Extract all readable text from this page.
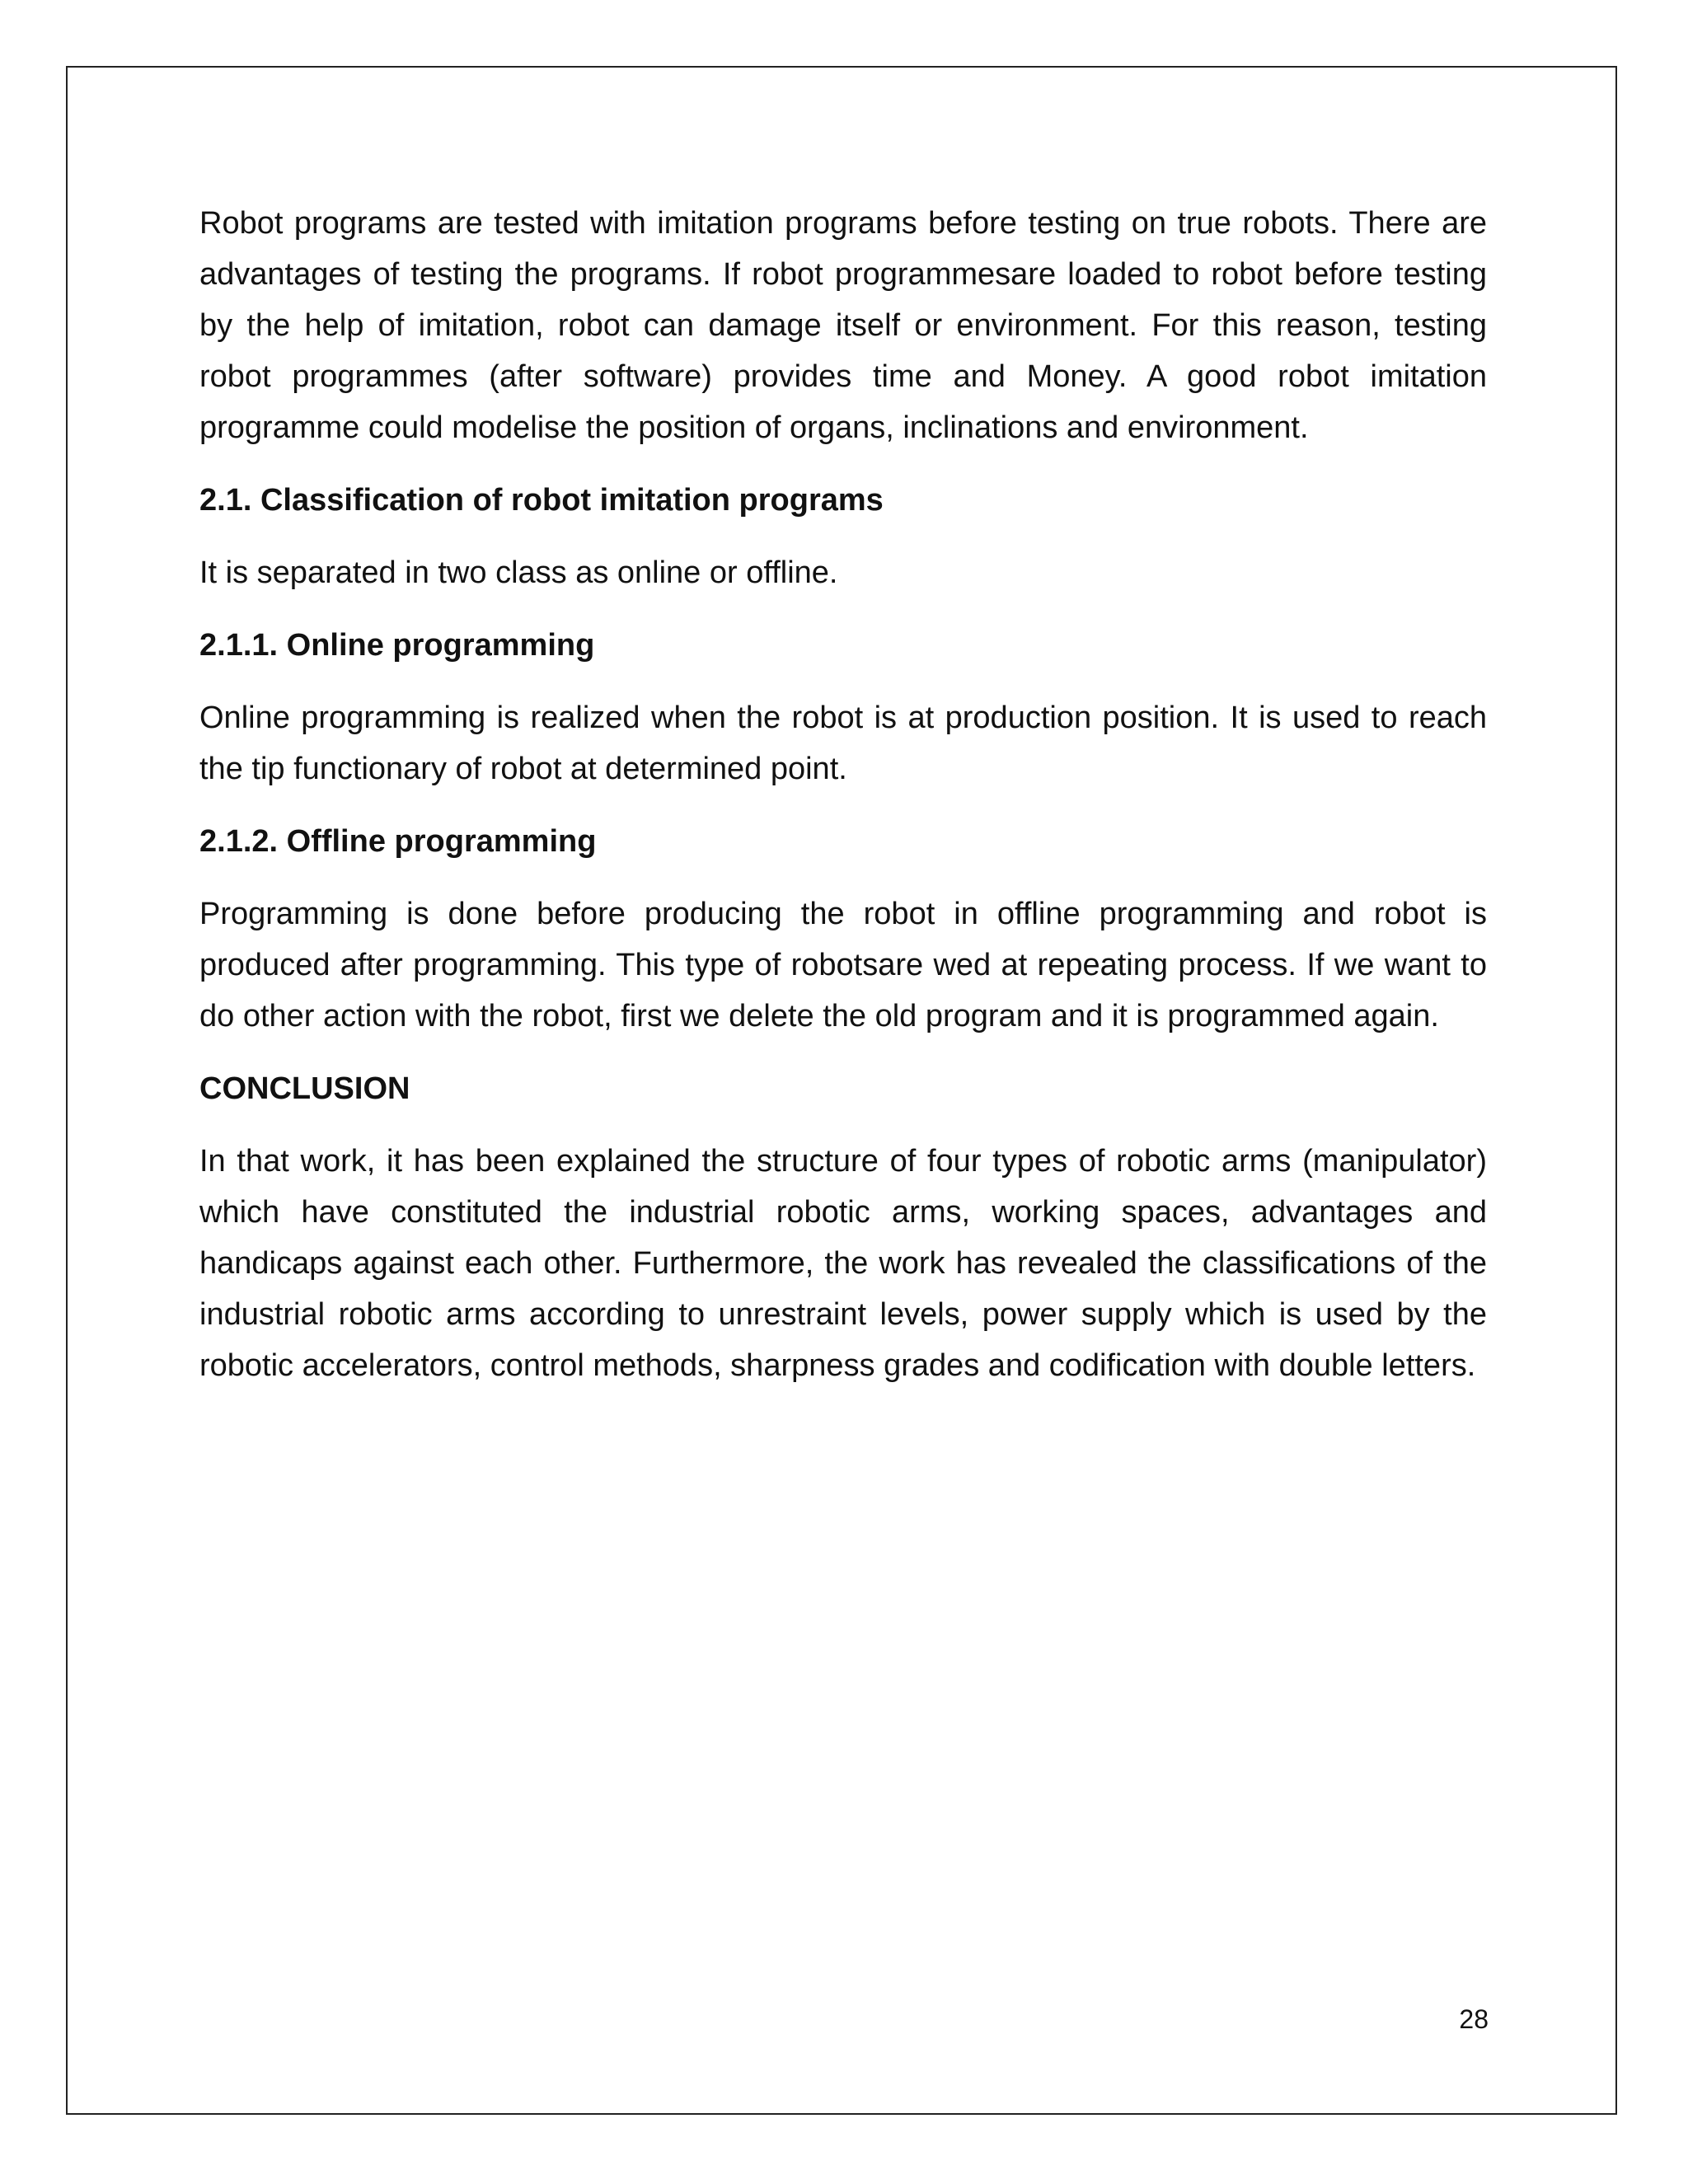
Robot programs are tested with imitation programs before testing on true robots. There are advantages of testing the programs. If robot programmesare loaded to robot before testing by the help of imitation, robot can damage itself or environment. For this reason, testing robot programmes (after software) provides time and Money. A good robot imitation programme could modelise the position of organs, inclinations and environment.

2.1. Classification of robot imitation programs

It is separated in two class as online or offline.

2.1.1. Online programming

Online programming is realized when the robot is at production position. It is used to reach the tip functionary of robot at determined point.

2.1.2. Offline programming

Programming is done before producing the robot in offline programming and robot is produced after programming. This type of robotsare wed at repeating process. If we want to do other action with the robot, first we delete the old program and it is programmed again.

CONCLUSION

In that work, it has been explained the structure of four types of robotic arms (manipulator) which have constituted the industrial robotic arms, working spaces, advantages and handicaps against each other. Furthermore, the work has revealed the classifications of the industrial robotic arms according to unrestraint levels, power supply which is used by the robotic accelerators, control methods, sharpness grades and codification with double letters.

28
